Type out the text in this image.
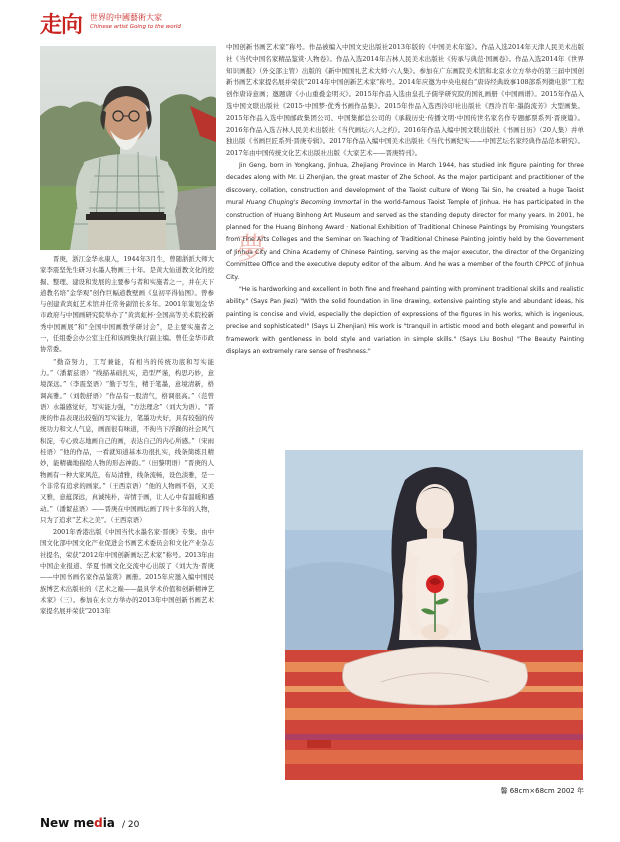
走向 世界的中國藝術大家
Chinese artist Going to the world

晋庚，浙江金华永康人，1944年3月生，曾随浙派大师大家李震坚先生研习水墨人物画三十年。是黄大仙道教文化的挖掘、整理、建设和发展的主要参与者和实施者之一，并在天下道教名培“金华观”创作巨幅道教壁画《皇初平得仙图》。曾参与创建黄宾虹艺术馆并任常务副馆长多年。2001年策划金华市政府与中国画研究院举办了“黄宾虹杯·全国高等美术院校新秀中国画展”和“全国中国画教学研讨会”，是主要实施者之一，任组委会办公室主任和该画集执行副主编。曾任金华市政协常委。

“勤奋努力，工写兼能，有相当的传统功底和写实能力。”（潘絜兹语）“线描基础扎实，造型严谨，构思巧妙，意境深远。”（李震坚语）“勤于写生，精于笔墨，意境清新，格调高雅。”（刘勃舒语）“作品有一股清气，格调很高。”（范曾语）水墨感觉好，写实能力强，“方法理念”（刘大为语）。“晋庚的作品表现出较强的写实能力，笔墨功夫好，具有较强的传统功力和文人气息，画面很有味道，不拘当下浮躁的社会风气积淀，专心致志地画自己的画，表达自己的内心所感。”（宋雨桂语）“他的作品，一看就知道基本功很扎实，线条简练且精妙，能精确地描绘人物的形态神韵。”（田黎明语）“晋庚的人物画有一种大家风范，布局清雅，线条流畅，设色淡雅，是一个非常有追求的画家。”（王西京语）“他的人物画不俗，又美又雅，意蕴深远，真诚纯朴，寄情于画，让人心中有温暖和感动。”（潘絜兹语）——晋庚在中国画坛画了四十多年的人物，只为了追求“艺术之美”。（王西京语）

2001年香港出版《中国当代水墨名家·晋庚》专集。由中国文化部中国文化产业促进会书画艺术委员会和文化产业杂志社提名，荣获“2012年中国创新画坛艺术家”称号。2013年由中国企业报道、华夏书画文化交流中心出版了《刘大为·晋庚——中国书画名家作品鉴赏》画册。2015年应邀入编中国民族博艺术出版社的《艺术之巅——最具学术价值和创新精神艺术家》（三）。参加在水立方举办的2013年中国创新书画艺术家提名展并荣获“2013年

中国创新书画艺术家”称号。作品被编入中国文史出版社2013年版的《中国美术年鉴》。作品入选2014年天津人民美术出版社《当代中国名家精品鉴赏·人物卷》。作品入选2014年吉林人民美术出版社《传承与典范·国画卷》。作品入选2014年《世界知识画报》（外交部主管）出版的《新中国国礼艺术大师·六人集》。参加在广东画院美术馆和北京水立方举办的第三届中国创新书画艺术家提名展并荣获“2014年中国创新艺术家”称号。2014年应邀为中央电视台“唐诗经典故事108部系列微电影”工程创作唐诗意画；邀题唐《小山重叠金明灭》。2015年作品入选由皇孔子儒学研究院的国礼画册《中国画谱》。2015年作品入选中国文联出版社《2015·中国梦·优秀书画作品集》。2015年作品入选西泠印社出版社《西泠百年·墨韵流芳》大型画集。2015年作品入选中国邮政集团公司、中国集邮总公司的《承载历史·传播文明·中国传世名家名作专题邮票系列·晋庚篇》。2016年作品入选吉林人民美术出版社《当代画坛六人之约》。2016年作品入编中国文联出版社《书画日历》（20人集）并单独出版《书画巨匠系列·晋庚专辑》。2017年作品入编中国美术出版社《当代书画纪实——中国艺坛名家经典作品范本研究》。2017年由中国传统文化艺术出版社出版《大家艺术——晋庚特刊》。

Jin Geng, born in Yongkang, Jinhua, Zhejiang Province in March 1944, has studied ink figure painting for three decades along with Mr. Li Zhenjian, the great master of Zhe School. As the major participant and practitioner of the discovery, collation, construction and development of the Taoist culture of Wong Tai Sin, he created a huge Taoist mural Huang Chuping's Becoming Immortal in the world-famous Taoist Temple of Jinhua. He has participated in the construction of Huang Binhong Art Museum and served as the standing deputy director for many years. In 2001, he planned for the Huang Binhong Award · National Exhibition of Traditional Chinese Paintings by Promising Youngsters from Fine Arts Colleges and the Seminar on Teaching of Traditional Chinese Painting jointly held by the Government of Jinhua City and China Academy of Chinese Painting, serving as the major executor, the director of the Organizing Committee Office and the executive deputy editor of the album. And he was a member of the fourth CPPCC of Jinhua City.

"He is hardworking and excellent in both fine and freehand painting with prominent traditional skills and realistic ability." (Says Pan Jiezi) "With the solid foundation in line drawing, extensive painting style and abundant ideas, his painting is concise and vivid, especially the depiction of expressions of the figures in his works, which is ingenious, precise and sophisticated!" (Says Li Zhenjian) His work is "tranquil in artistic mood and both elegant and powerful in framework with gentleness in bold style and variation in simple skills." (Says Liu Boshu) "The Beauty Painting displays an extremely rare sense of freshness."

夢
馨 68cm×68cm 2002 年
New media / 20
